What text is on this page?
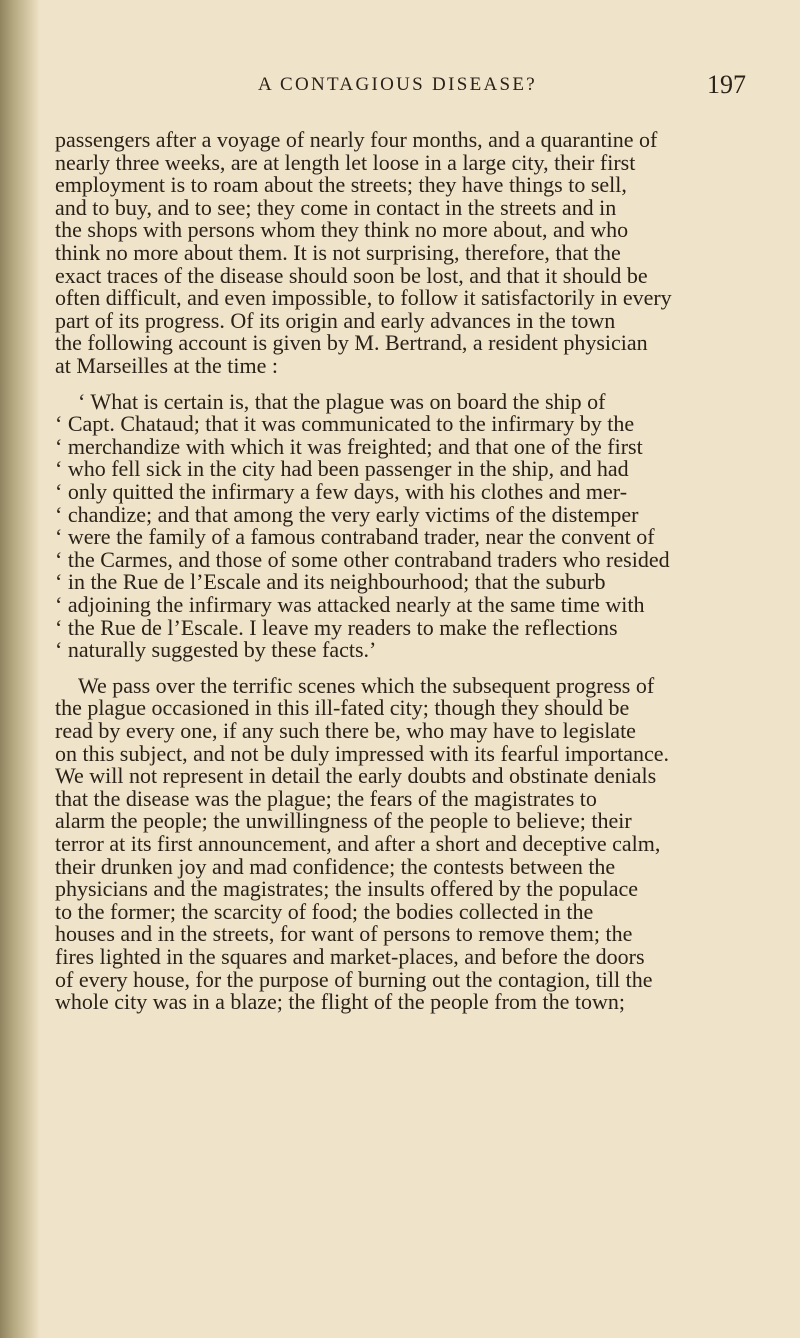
A CONTAGIOUS DISEASE?	197
passengers after a voyage of nearly four months, and a quarantine of
nearly three weeks, are at length let loose in a large city, their first
employment is to roam about the streets; they have things to sell,
and to buy, and to see; they come in contact in the streets and in
the shops with persons whom they think no more about, and who
think no more about them. It is not surprising, therefore, that the
exact traces of the disease should soon be lost, and that it should be
often difficult, and even impossible, to follow it satisfactorily in every
part of its progress. Of its origin and early advances in the town
the following account is given by M. Bertrand, a resident physician
at Marseilles at the time :
‘ What is certain is, that the plague was on board the ship of
‘ Capt. Chataud; that it was communicated to the infirmary by the
‘ merchandize with which it was freighted; and that one of the first
‘ who fell sick in the city had been passenger in the ship, and had
‘ only quitted the infirmary a few days, with his clothes and mer-
‘ chandize; and that among the very early victims of the distemper
‘ were the family of a famous contraband trader, near the convent of
‘ the Carmes, and those of some other contraband traders who resided
‘ in the Rue de l’Escale and its neighbourhood; that the suburb
‘ adjoining the infirmary was attacked nearly at the same time with
‘ the Rue de l’Escale. I leave my readers to make the reflections
‘ naturally suggested by these facts.’
We pass over the terrific scenes which the subsequent progress of
the plague occasioned in this ill-fated city; though they should be
read by every one, if any such there be, who may have to legislate
on this subject, and not be duly impressed with its fearful importance.
We will not represent in detail the early doubts and obstinate denials
that the disease was the plague; the fears of the magistrates to
alarm the people; the unwillingness of the people to believe; their
terror at its first announcement, and after a short and deceptive calm,
their drunken joy and mad confidence; the contests between the
physicians and the magistrates; the insults offered by the populace
to the former; the scarcity of food; the bodies collected in the
houses and in the streets, for want of persons to remove them; the
fires lighted in the squares and market-places, and before the doors
of every house, for the purpose of burning out the contagion, till the
whole city was in a blaze; the flight of the people from the town;
